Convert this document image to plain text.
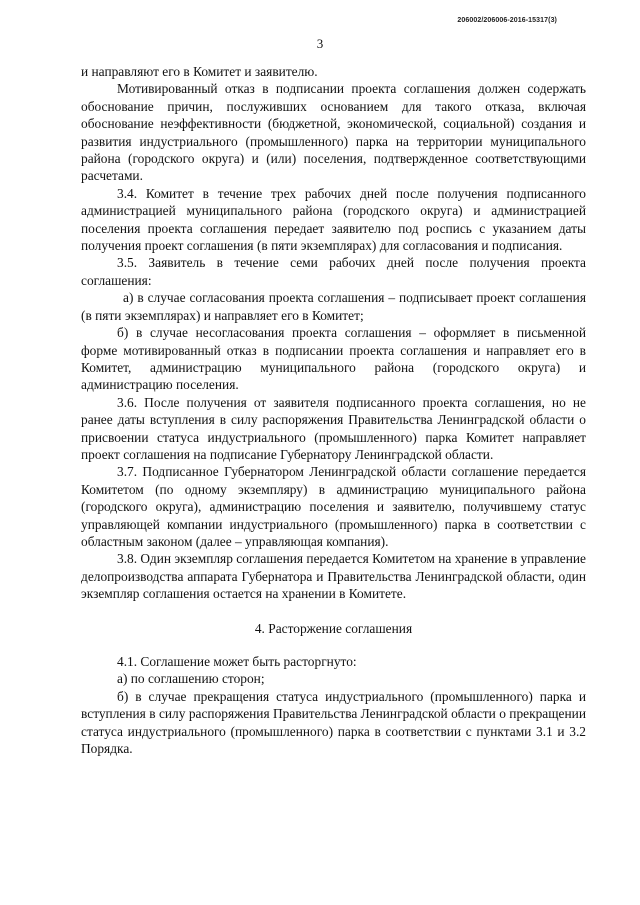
206002/206006-2016-15317(3)
3

и направляют его в Комитет и заявителю.

Мотивированный отказ в подписании проекта соглашения должен содержать обоснование причин, послуживших основанием для такого отказа, включая обоснование неэффективности (бюджетной, экономической, социальной) создания и развития индустриального (промышленного) парка на территории муниципального района (городского округа) и (или) поселения, подтвержденное соответствующими расчетами.

3.4. Комитет в течение трех рабочих дней после получения подписанного администрацией муниципального района (городского округа) и администрацией поселения проекта соглашения передает заявителю под роспись с указанием даты получения проект соглашения (в пяти экземплярах) для согласования и подписания.

3.5. Заявитель в течение семи рабочих дней после получения проекта соглашения:

а) в случае согласования проекта соглашения – подписывает проект соглашения (в пяти экземплярах) и направляет его в Комитет;

б) в случае несогласования проекта соглашения – оформляет в письменной форме мотивированный отказ в подписании проекта соглашения и направляет его в Комитет, администрацию муниципального района (городского округа) и администрацию поселения.

3.6. После получения от заявителя подписанного проекта соглашения, но не ранее даты вступления в силу распоряжения Правительства Ленинградской области о присвоении статуса индустриального (промышленного) парка Комитет направляет проект соглашения на подписание Губернатору Ленинградской области.

3.7. Подписанное Губернатором Ленинградской области соглашение передается Комитетом (по одному экземпляру) в администрацию муниципального района (городского округа), администрацию поселения и заявителю, получившему статус управляющей компании индустриального (промышленного) парка в соответствии с областным законом (далее – управляющая компания).

3.8. Один экземпляр соглашения передается Комитетом на хранение в управление делопроизводства аппарата Губернатора и Правительства Ленинградской области, один экземпляр соглашения остается на хранении в Комитете.

4. Расторжение соглашения

4.1. Соглашение может быть расторгнуто:

а) по соглашению сторон;

б) в случае прекращения статуса индустриального (промышленного) парка и вступления в силу распоряжения Правительства Ленинградской области о прекращении статуса индустриального (промышленного) парка в соответствии с пунктами 3.1 и 3.2 Порядка.
